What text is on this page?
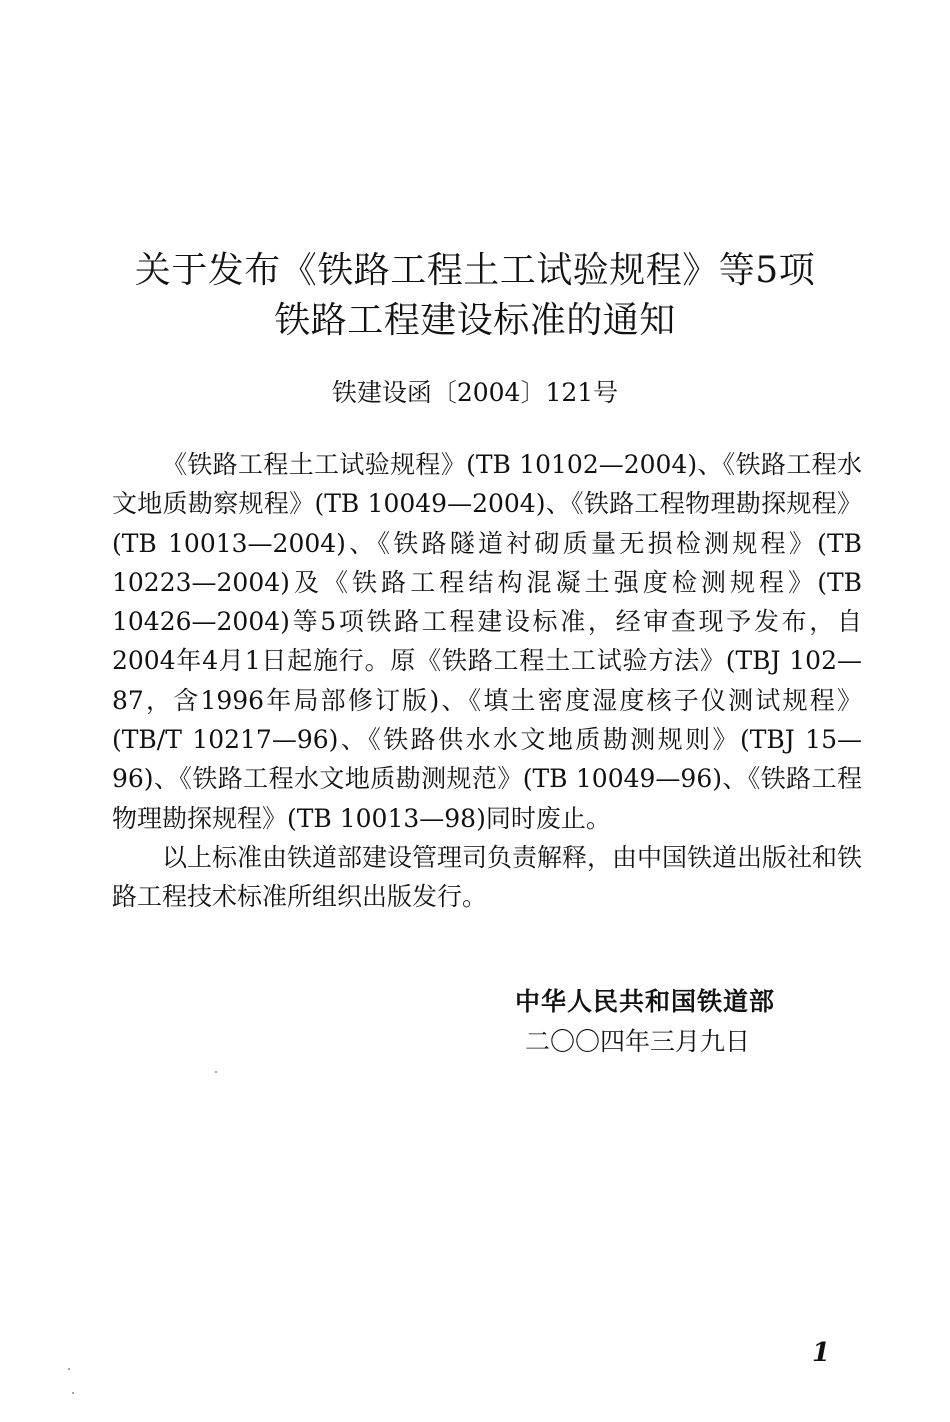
关于发布《铁路工程土工试验规程》等5项
铁路工程建设标准的通知
铁建设函〔2004〕121号

《铁路工程土工试验规程》(TB 10102—2004)、《铁路工程水文地质勘察规程》(TB 10049—2004)、《铁路工程物理勘探规程》(TB 10013—2004)、《铁路隧道衬砌质量无损检测规程》(TB 10223—2004)及《铁路工程结构混凝土强度检测规程》(TB 10426—2004)等5项铁路工程建设标准，经审查现予发布，自2004年4月1日起施行。原《铁路工程土工试验方法》(TBJ 102—87，含1996年局部修订版)、《填土密度湿度核子仪测试规程》(TB/T 10217—96)、《铁路供水水文地质勘测规则》(TBJ 15—96)、《铁路工程水文地质勘测规范》(TB 10049—96)、《铁路工程物理勘探规程》(TB 10013—98)同时废止。

以上标准由铁道部建设管理司负责解释，由中国铁道出版社和铁路工程技术标准所组织出版发行。

中华人民共和国铁道部
二〇〇四年三月九日
1
